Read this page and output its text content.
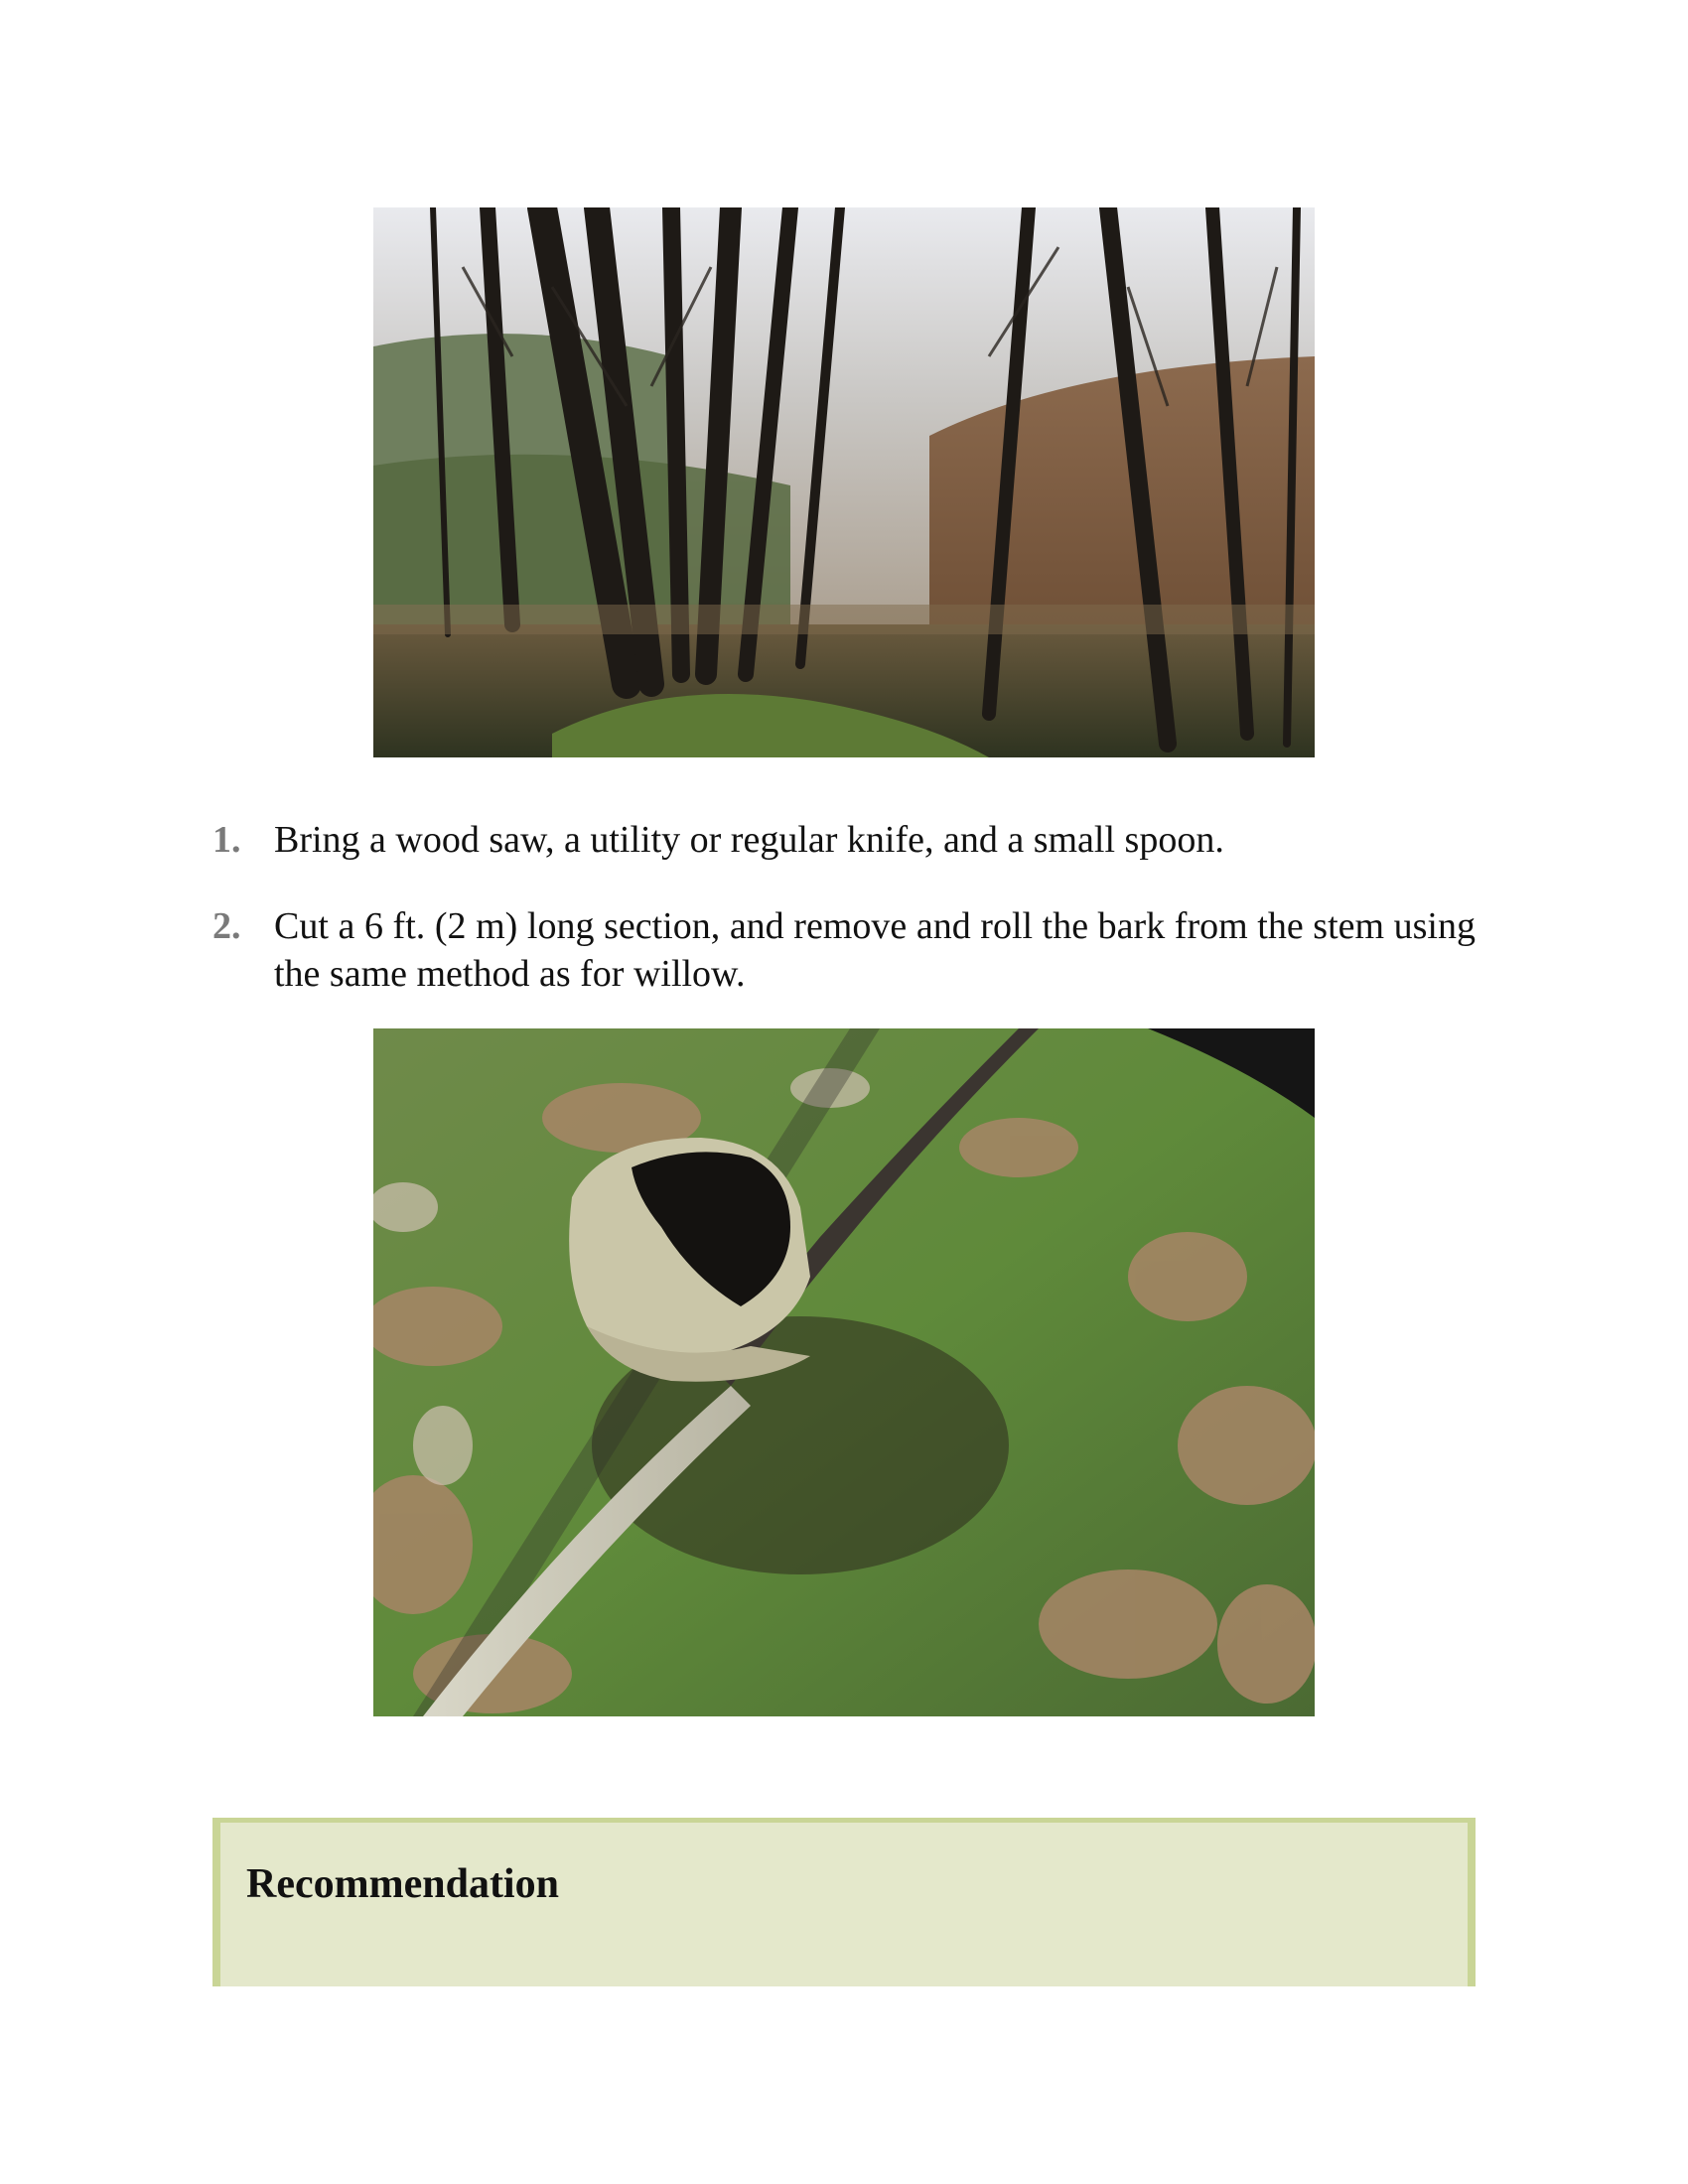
1. Bring a wood saw, a utility or regular knife, and a small spoon.
2. Cut a 6 ft. (2 m) long section, and remove and roll the bark from the stem using the same method as for willow.
Recommendation
